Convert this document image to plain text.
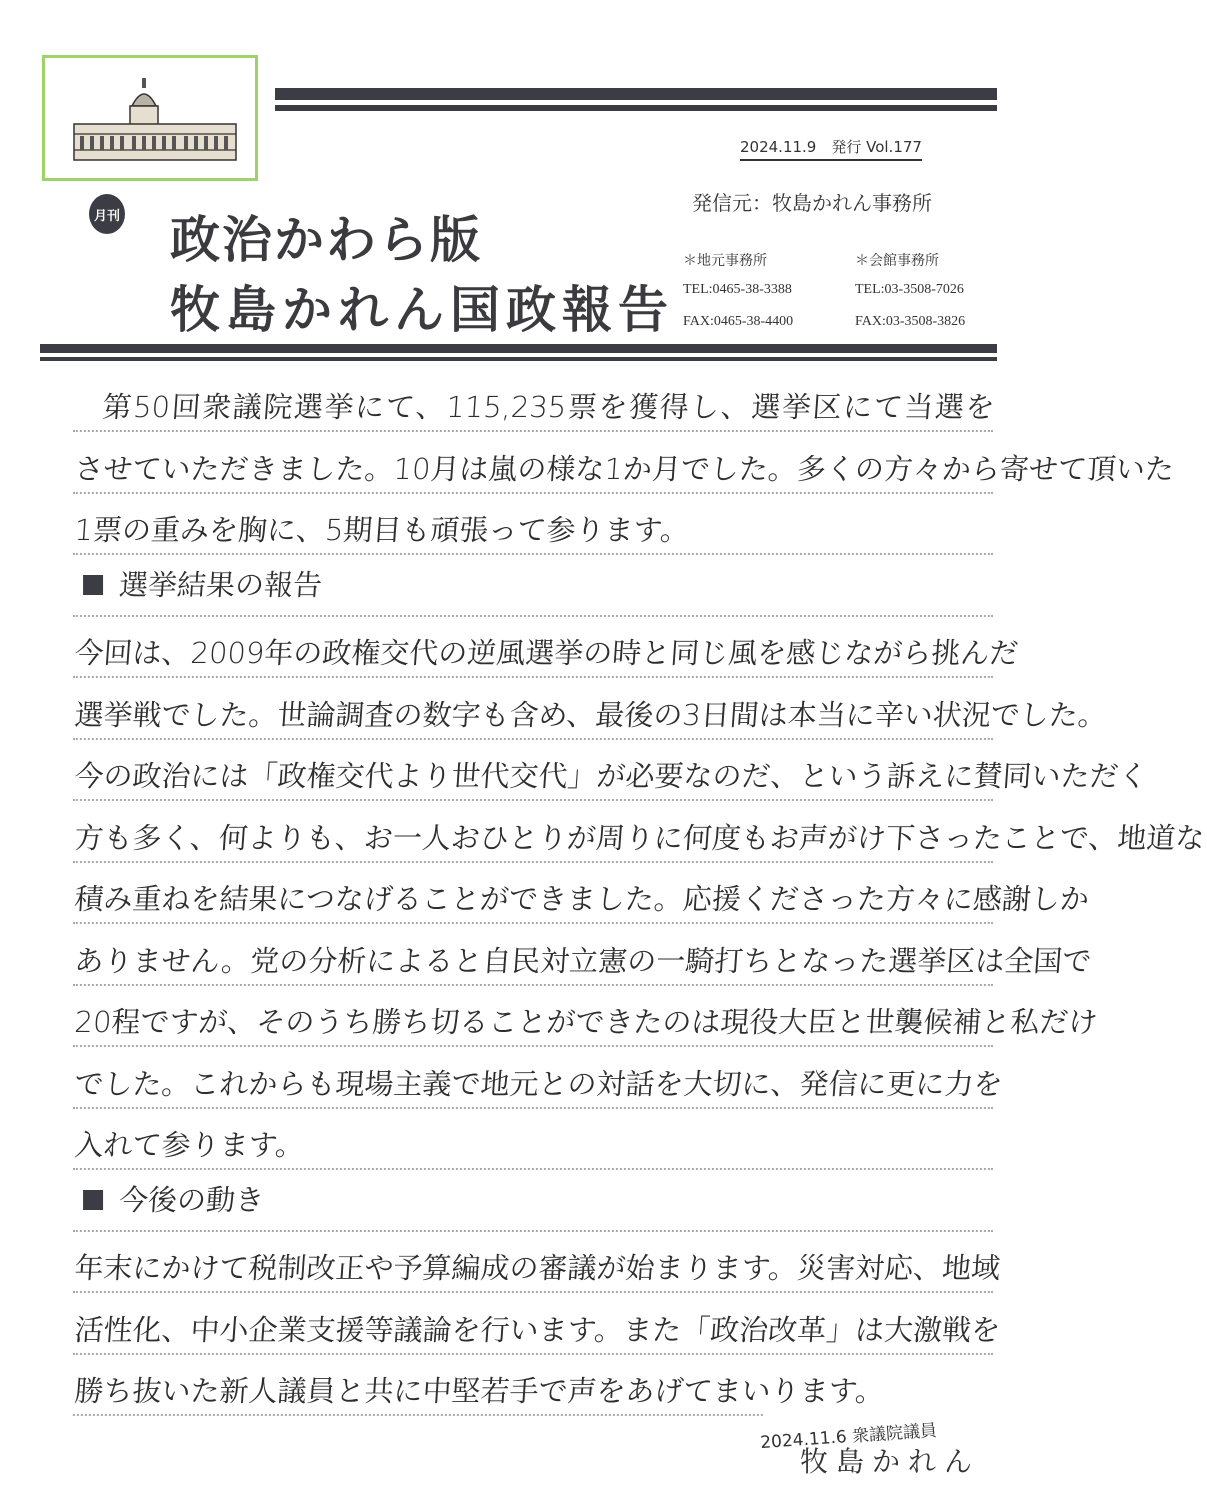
2024.11.9　発行 Vol.177
発信元：牧島かれん事務所
月刊 政治かわら版
牧島かれん国政報告
＊地元事務所
TEL:0465-38-3388
FAX:0465-38-4400
＊会館事務所
TEL:03-3508-7026
FAX:03-3508-3826
第50回衆議院選挙にて、115,235票を獲得し、選挙区にて当選を
させていただきました。10月は嵐の様な1か月でした。多くの方々から寄せて頂いた
1票の重みを胸に、5期目も頑張って参ります。
選挙結果の報告
今回は、2009年の政権交代の逆風選挙の時と同じ風を感じながら挑んだ
選挙戦でした。世論調査の数字も含め、最後の3日間は本当に辛い状況でした。
今の政治には「政権交代より世代交代」が必要なのだ、という訴えに賛同いただく
方も多く、何よりも、お一人おひとりが周りに何度もお声がけ下さったことで、地道な
積み重ねを結果につなげることができました。応援くださった方々に感謝しか
ありません。党の分析によると自民対立憲の一騎打ちとなった選挙区は全国で
20程ですが、そのうち勝ち切ることができたのは現役大臣と世襲候補と私だけ
でした。これからも現場主義で地元との対話を大切に、発信に更に力を
入れて参ります。
今後の動き
年末にかけて税制改正や予算編成の審議が始まります。災害対応、地域
活性化、中小企業支援等議論を行います。また「政治改革」は大激戦を
勝ち抜いた新人議員と共に中堅若手で声をあげてまいります。
2024.11.6 衆議院議員
牧島かれん
